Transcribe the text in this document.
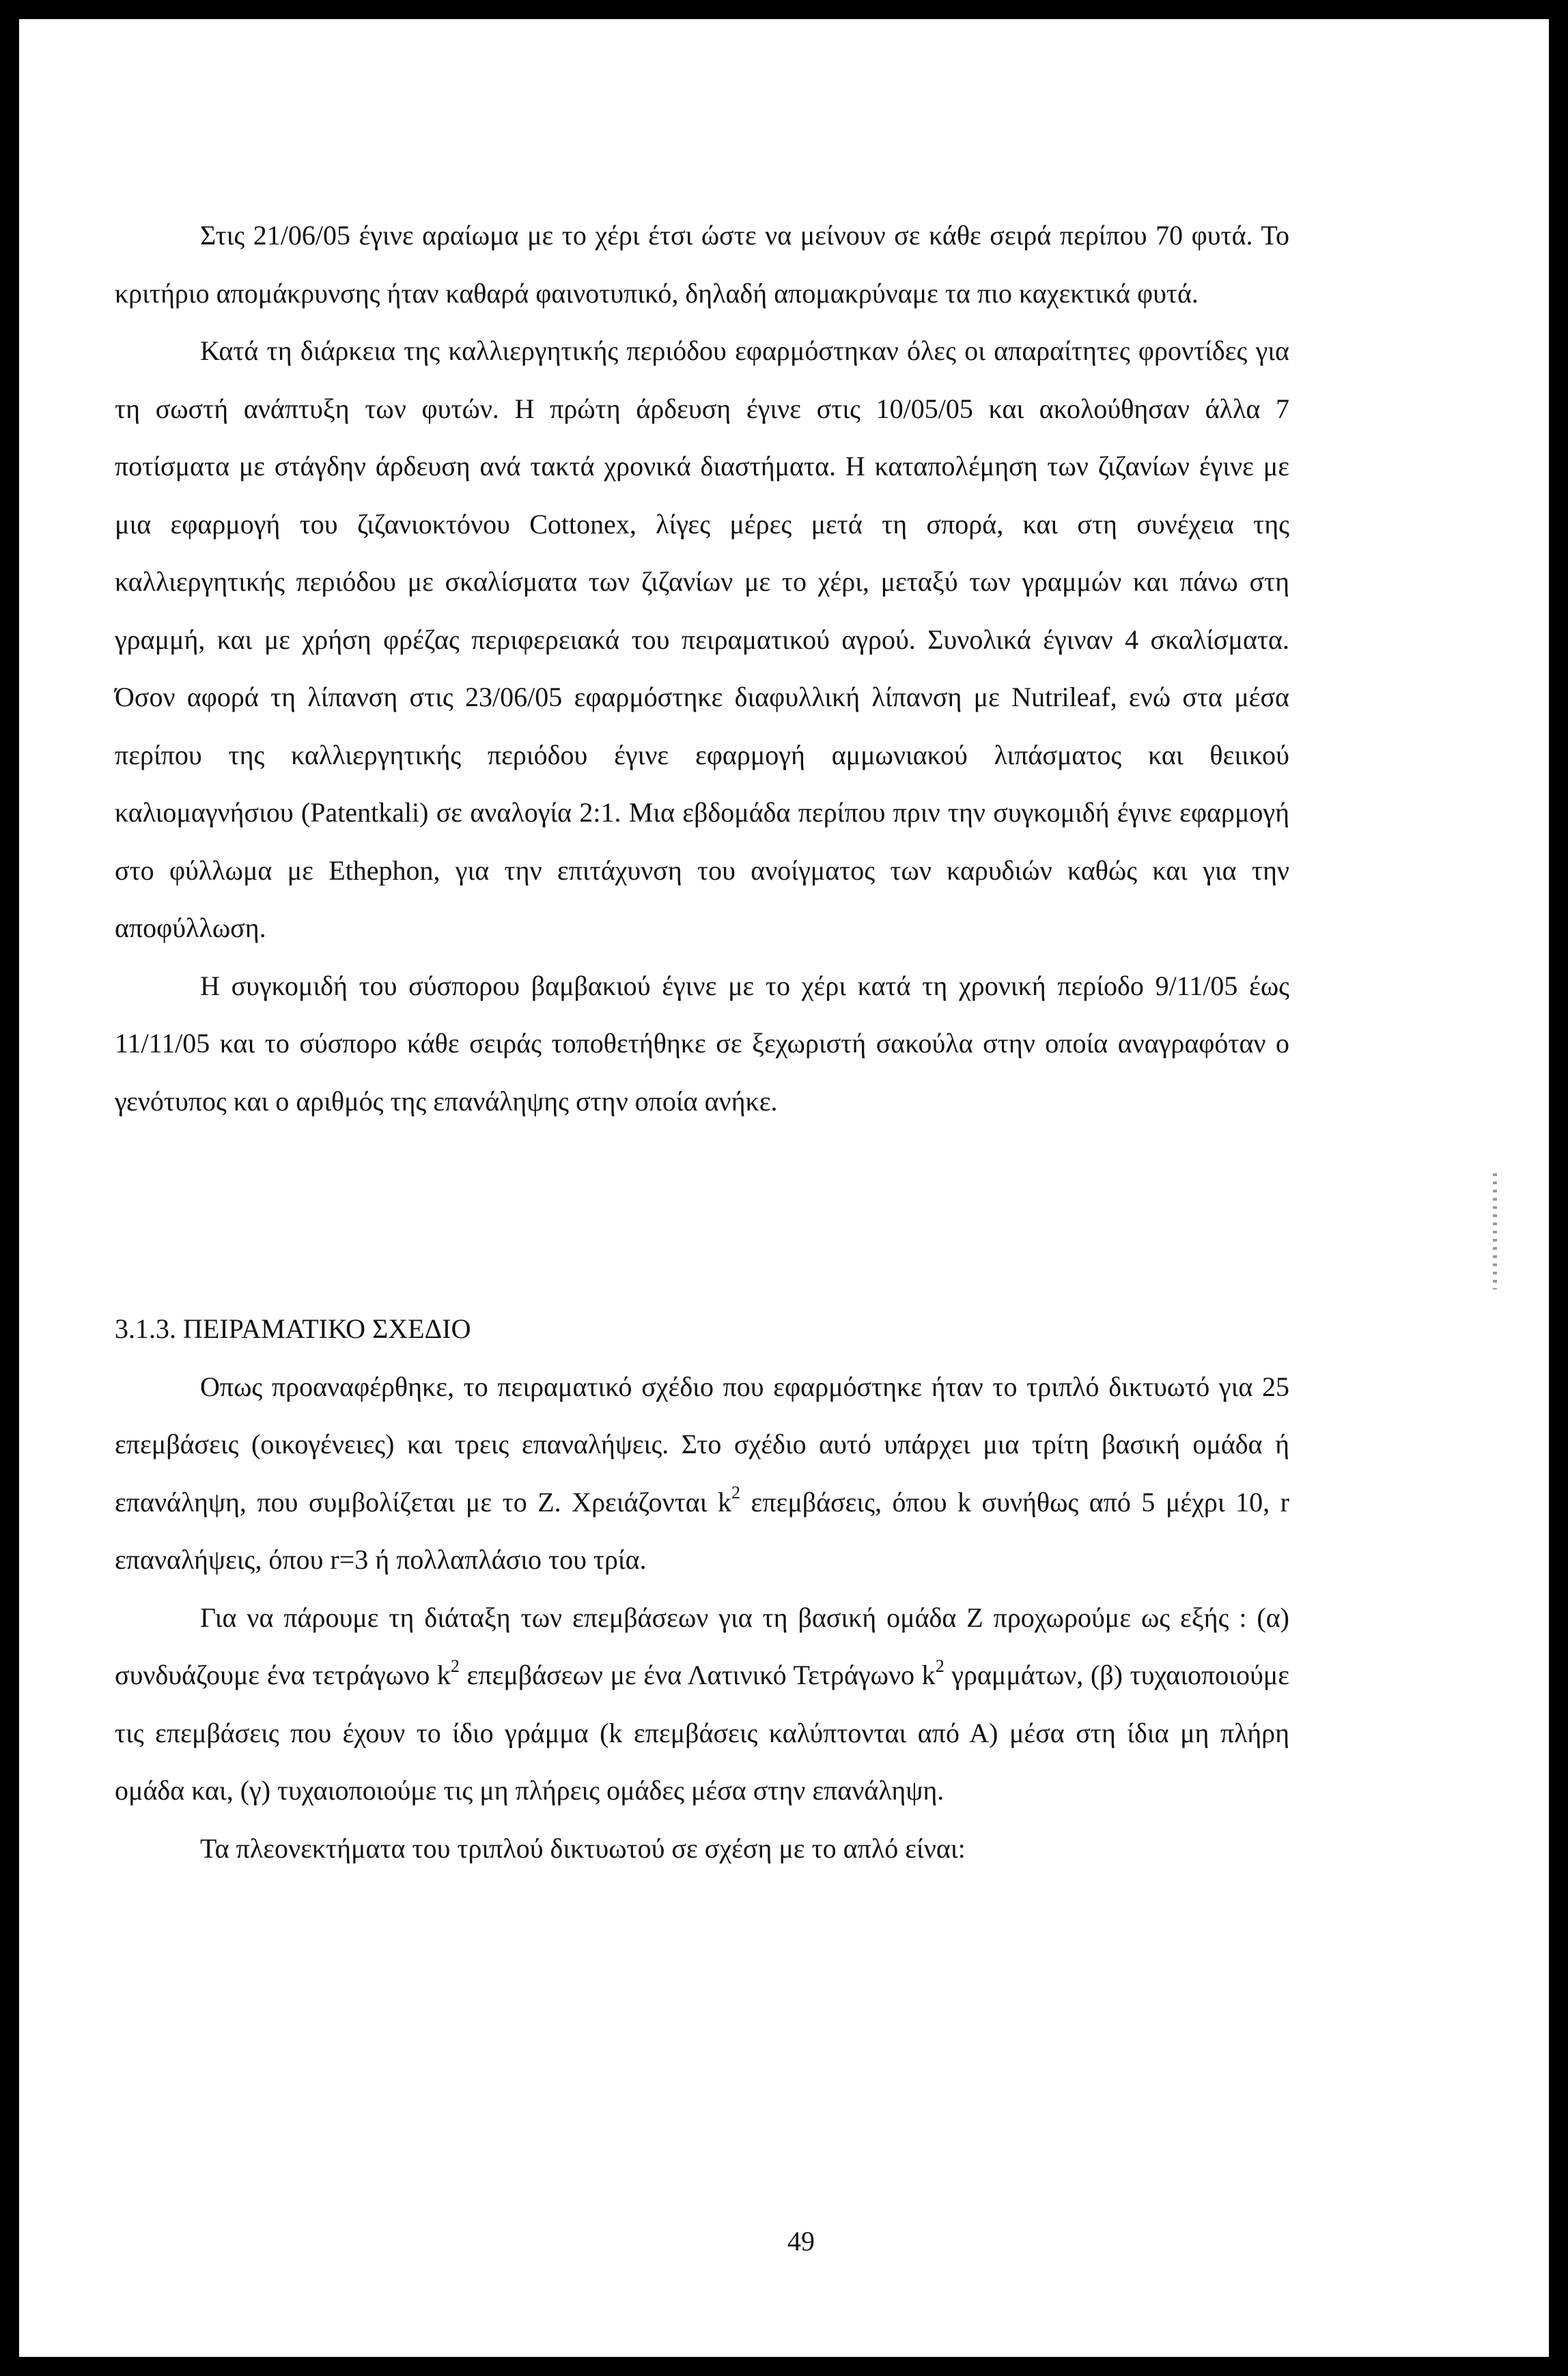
Στις 21/06/05 έγινε αραίωμα με το χέρι έτσι ώστε να μείνουν σε κάθε σειρά περίπου 70 φυτά. Το κριτήριο απομάκρυνσης ήταν καθαρά φαινοτυπικό, δηλαδή απομακρύναμε τα πιο καχεκτικά φυτά.

Κατά τη διάρκεια της καλλιεργητικής περιόδου εφαρμόστηκαν όλες οι απαραίτητες φροντίδες για τη σωστή ανάπτυξη των φυτών. Η πρώτη άρδευση έγινε στις 10/05/05 και ακολούθησαν άλλα 7 ποτίσματα με στάγδην άρδευση ανά τακτά χρονικά διαστήματα. Η καταπολέμηση των ζιζανίων έγινε με μια εφαρμογή του ζιζανιοκτόνου Cottonex, λίγες μέρες μετά τη σπορά, και στη συνέχεια της καλλιεργητικής περιόδου με σκαλίσματα των ζιζανίων με το χέρι, μεταξύ των γραμμών και πάνω στη γραμμή, και με χρήση φρέζας περιφερειακά του πειραματικού αγρού. Συνολικά έγιναν 4 σκαλίσματα. Όσον αφορά τη λίπανση στις 23/06/05 εφαρμόστηκε διαφυλλική λίπανση με Nutrileaf, ενώ στα μέσα περίπου της καλλιεργητικής περιόδου έγινε εφαρμογή αμμωνιακού λιπάσματος και θειικού καλιομαγνήσιου (Patentkali) σε αναλογία 2:1. Μια εβδομάδα περίπου πριν την συγκομιδή έγινε εφαρμογή στο φύλλωμα με Ethephon, για την επιτάχυνση του ανοίγματος των καρυδιών καθώς και για την αποφύλλωση.

Η συγκομιδή του σύσπορου βαμβακιού έγινε με το χέρι κατά τη χρονική περίοδο 9/11/05 έως 11/11/05 και το σύσπορο κάθε σειράς τοποθετήθηκε σε ξεχωριστή σακούλα στην οποία αναγραφόταν ο γενότυπος και ο αριθμός της επανάληψης στην οποία ανήκε.

3.1.3. ΠΕΙΡΑΜΑΤΙΚΟ ΣΧΕΔΙΟ

Οπως προαναφέρθηκε, το πειραματικό σχέδιο που εφαρμόστηκε ήταν το τριπλό δικτυωτό για 25 επεμβάσεις (οικογένειες) και τρεις επαναλήψεις. Στο σχέδιο αυτό υπάρχει μια τρίτη βασική ομάδα ή επανάληψη, που συμβολίζεται με το Ζ. Χρειάζονται $k^2$ επεμβάσεις, όπου k συνήθως από 5 μέχρι 10, r επαναλήψεις, όπου r=3 ή πολλαπλάσιο του τρία.

Για να πάρουμε τη διάταξη των επεμβάσεων για τη βασική ομάδα Ζ προχωρούμε ως εξής : (α) συνδυάζουμε ένα τετράγωνο $k^2$ επεμβάσεων με ένα Λατινικό Τετράγωνο $k^2$ γραμμάτων, (β) τυχαιοποιούμε τις επεμβάσεις που έχουν το ίδιο γράμμα (k επεμβάσεις καλύπτονται από Α) μέσα στη ίδια μη πλήρη ομάδα και, (γ) τυχαιοποιούμε τις μη πλήρεις ομάδες μέσα στην επανάληψη.

Τα πλεονεκτήματα του τριπλού δικτυωτού σε σχέση με το απλό είναι:

49
